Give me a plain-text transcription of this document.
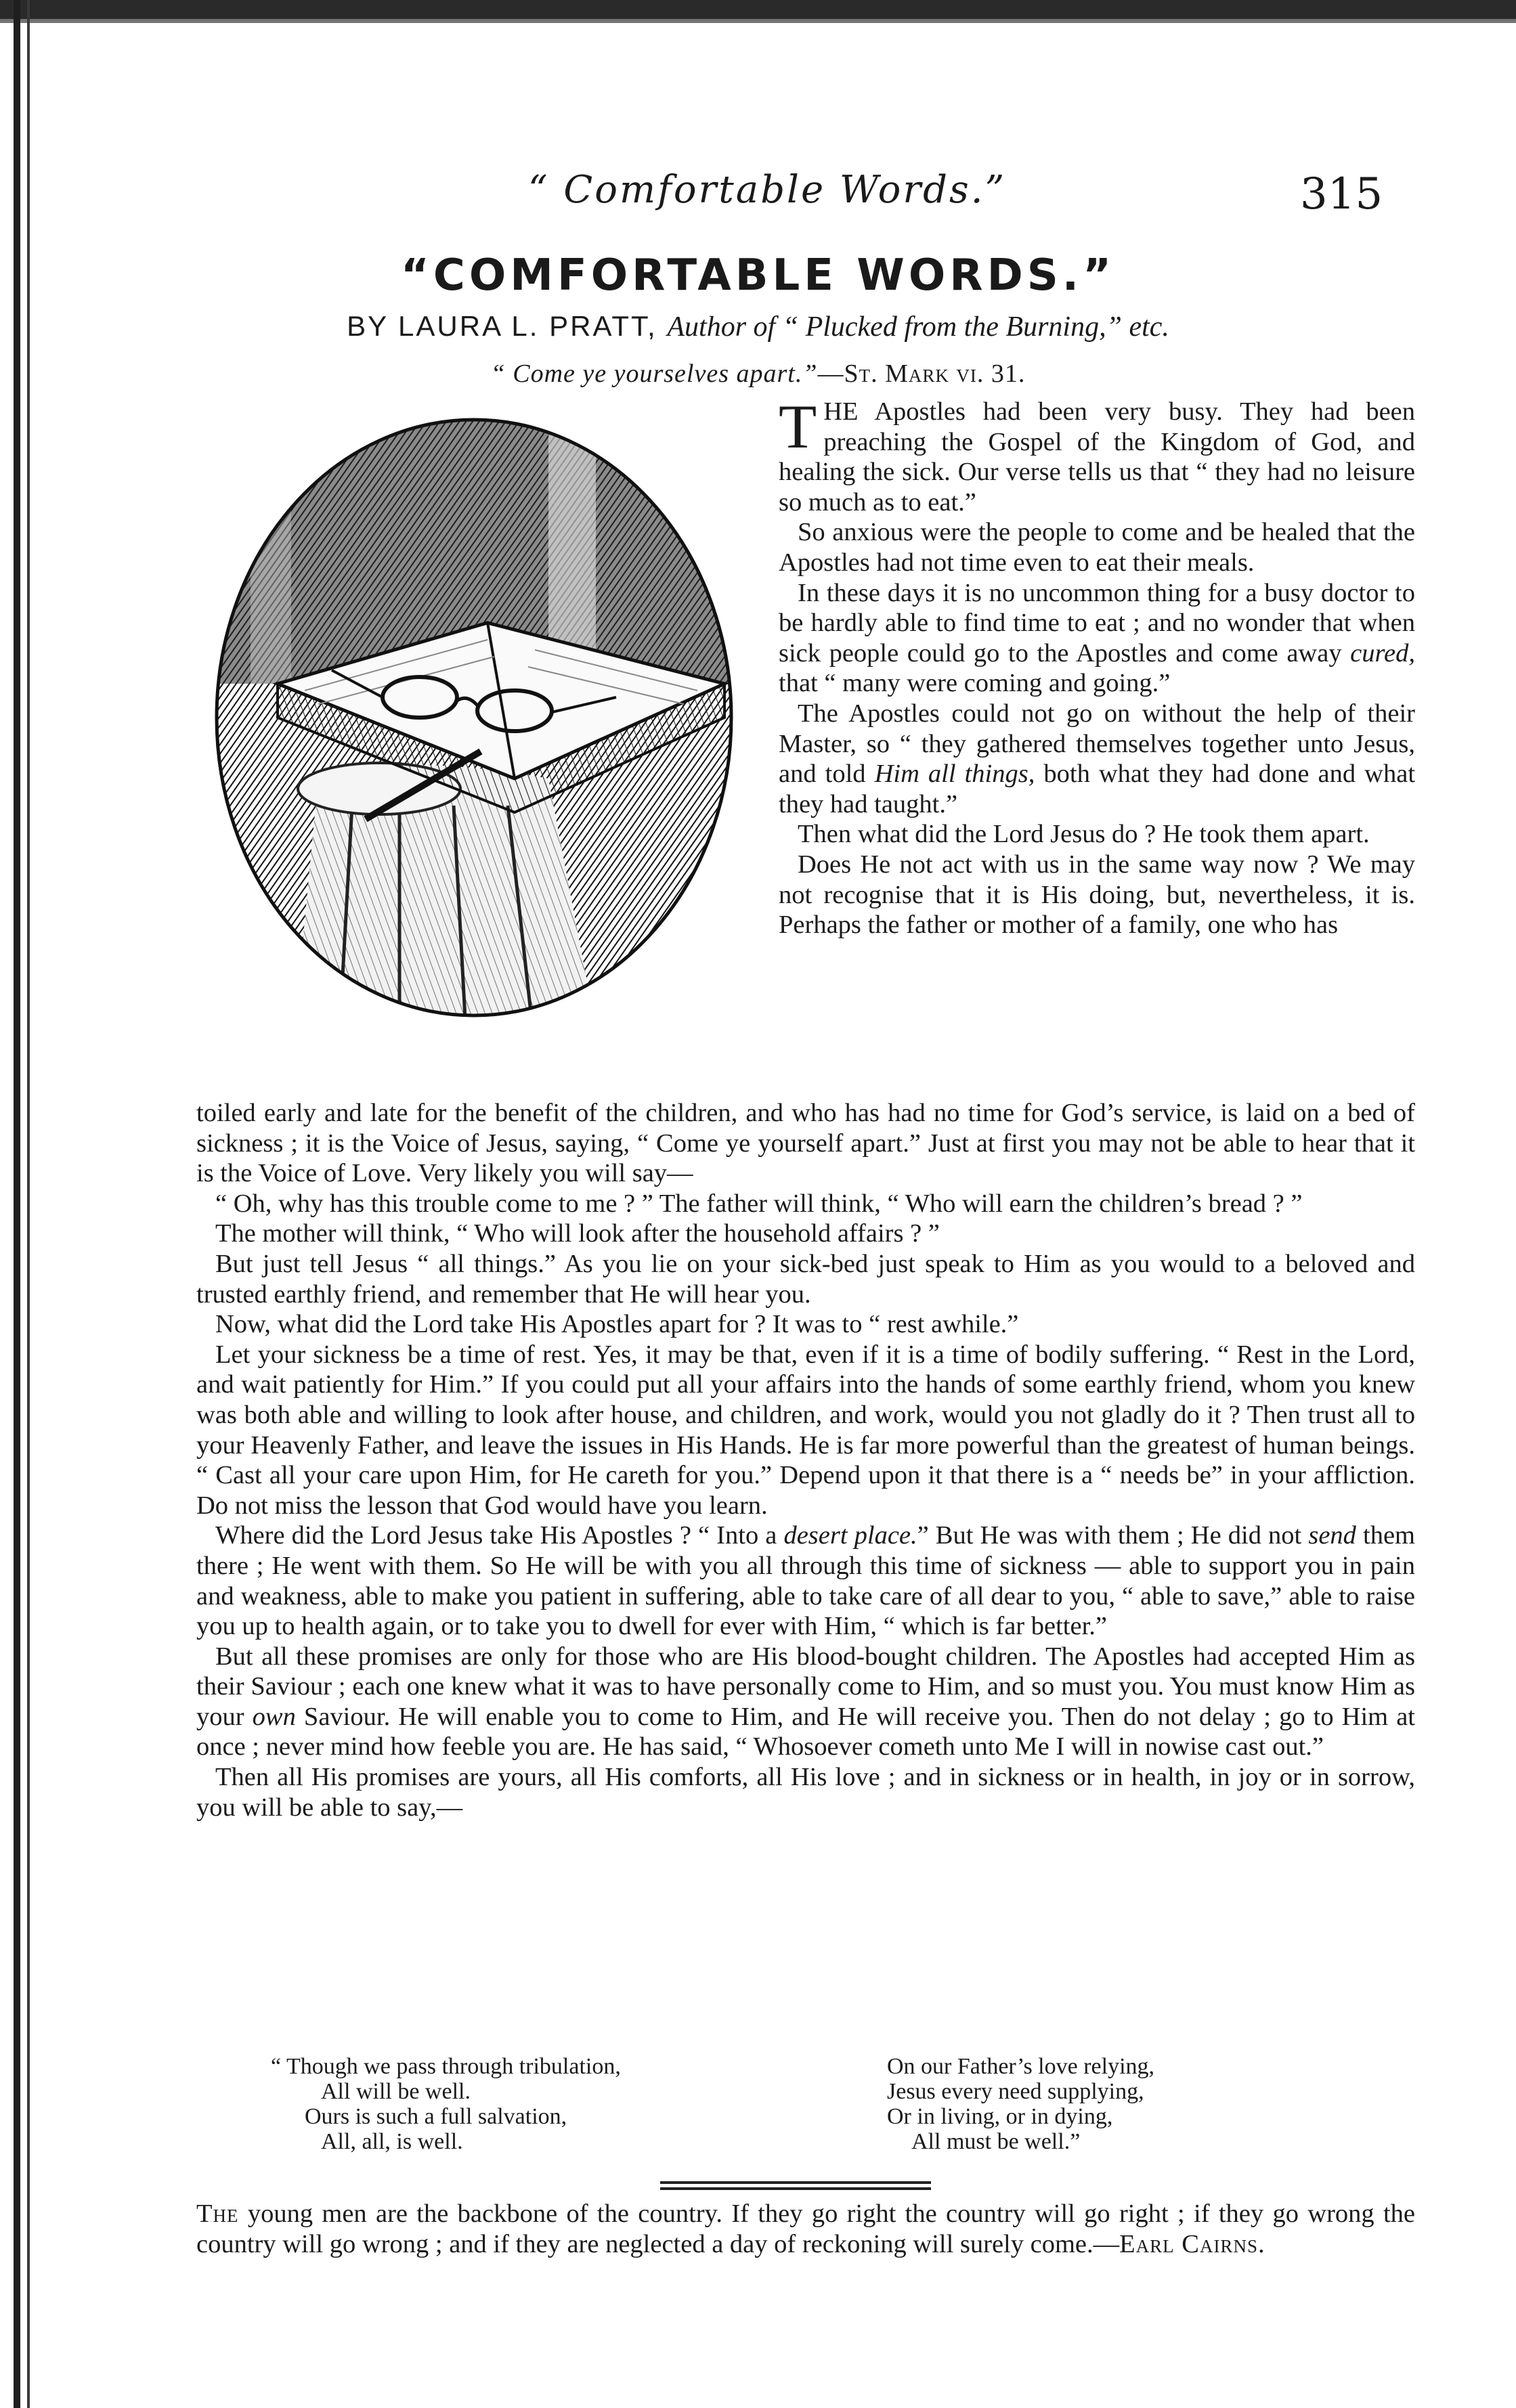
“ Comfortable Words.”	315
“COMFORTABLE WORDS.”
BY LAURA L. PRATT, Author of “ Plucked from the Burning,” etc.
“ Come ye yourselves apart.”—St. Mark vi. 31.

THE Apostles had been very busy. They had been preaching the Gospel of the Kingdom of God, and healing the sick. Our verse tells us that “ they had no leisure so much as to eat.”

So anxious were the people to come and be healed that the Apostles had not time even to eat their meals.

In these days it is no uncommon thing for a busy doctor to be hardly able to find time to eat ; and no wonder that when sick people could go to the Apostles and come away cured, that “ many were coming and going.”

The Apostles could not go on without the help of their Master, so “ they gathered themselves together unto Jesus, and told Him all things, both what they had done and what they had taught.”

Then what did the Lord Jesus do ? He took them apart.

Does He not act with us in the same way now ? We may not recognise that it is His doing, but, nevertheless, it is. Perhaps the father or mother of a family, one who has

toiled early and late for the benefit of the children, and who has had no time for God’s service, is laid on a bed of sickness ; it is the Voice of Jesus, saying, “ Come ye yourself apart.” Just at first you may not be able to hear that it is the Voice of Love. Very likely you will say—

“ Oh, why has this trouble come to me ? ” The father will think, “ Who will earn the children’s bread ? ”

The mother will think, “ Who will look after the household affairs ? ”

But just tell Jesus “ all things.” As you lie on your sick-bed just speak to Him as you would to a beloved and trusted earthly friend, and remember that He will hear you.

Now, what did the Lord take His Apostles apart for ? It was to “ rest awhile.”

Let your sickness be a time of rest. Yes, it may be that, even if it is a time of bodily suffering. “ Rest in the Lord, and wait patiently for Him.” If you could put all your affairs into the hands of some earthly friend, whom you knew was both able and willing to look after house, and children, and work, would you not gladly do it ? Then trust all to your Heavenly Father, and leave the issues in His Hands. He is far more powerful than the greatest of human beings. “ Cast all your care upon Him, for He careth for you.” Depend upon it that there is a “ needs be” in your affliction. Do not miss the lesson that God would have you learn.

Where did the Lord Jesus take His Apostles ? “ Into a desert place.” But He was with them ; He did not send them there ; He went with them. So He will be with you all through this time of sickness — able to support you in pain and weakness, able to make you patient in suffering, able to take care of all dear to you, “ able to save,” able to raise you up to health again, or to take you to dwell for ever with Him, “ which is far better.”

But all these promises are only for those who are His blood-bought children. The Apostles had accepted Him as their Saviour ; each one knew what it was to have personally come to Him, and so must you. You must know Him as your own Saviour. He will enable you to come to Him, and He will receive you. Then do not delay ; go to Him at once ; never mind how feeble you are. He has said, “ Whosoever cometh unto Me I will in nowise cast out.”

Then all His promises are yours, all His comforts, all His love ; and in sickness or in health, in joy or in sorrow, you will be able to say,—

“ Though we pass through tribulation,
All will be well.
Ours is such a full salvation,
All, all, is well.
On our Father’s love relying,
Jesus every need supplying,
Or in living, or in dying,
All must be well.”
The young men are the backbone of the country. If they go right the country will go right ; if they go wrong the country will go wrong ; and if they are neglected a day of reckoning will surely come.—Earl Cairns.
